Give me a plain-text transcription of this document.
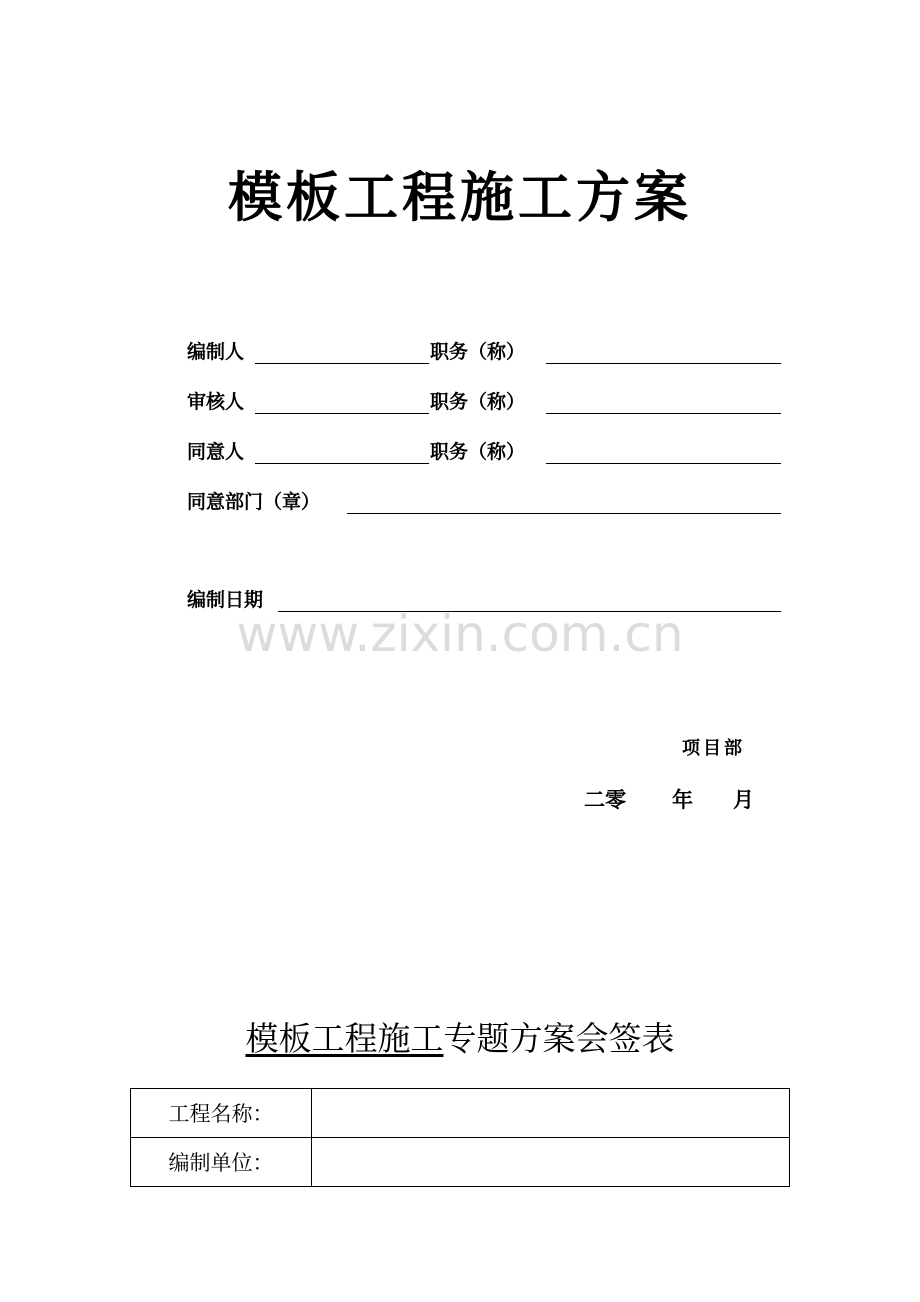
模板工程施工方案
编制人	职务（称）
审核人	职务（称）
同意人	职务（称）
同意部门（章）
编制日期
www.zixin.com.cn
项目部
二零 年 月
模板工程施工专题方案会签表
工程名称：	
编制单位：	
